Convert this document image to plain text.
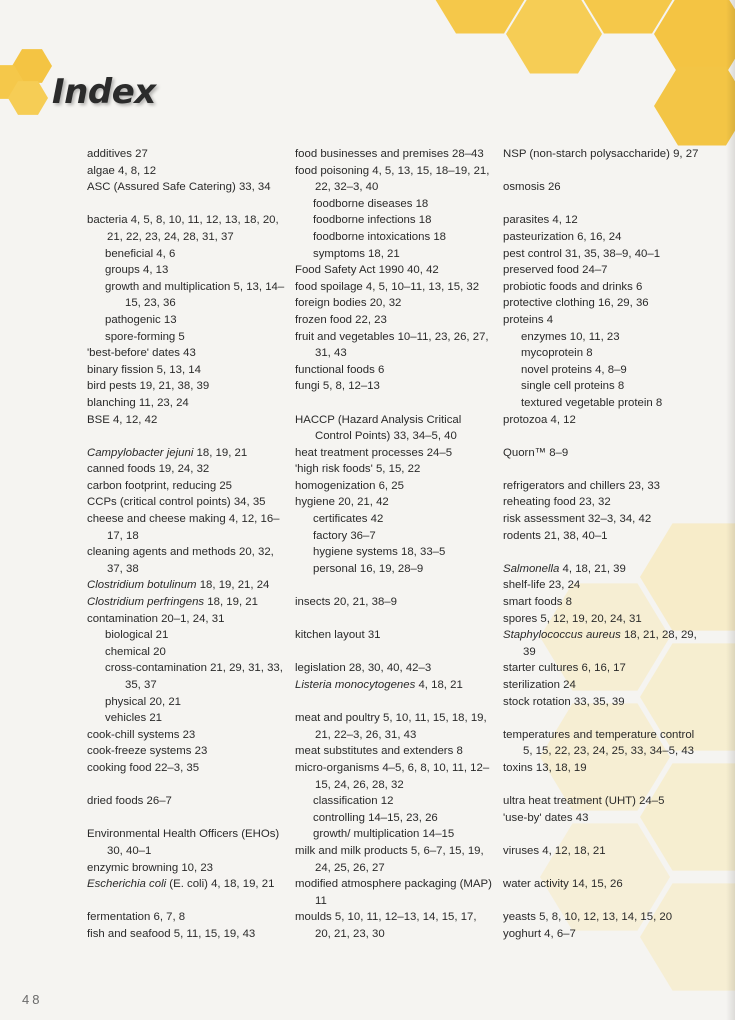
Index

additives 27

algae 4, 8, 12

ASC (Assured Safe Catering) 33, 34

bacteria 4, 5, 8, 10, 11, 12, 13, 18, 20, 21, 22, 23, 24, 28, 31, 37

beneficial 4, 6

groups 4, 13

growth and multiplication 5, 13, 14–15, 23, 36

pathogenic 13

spore-forming 5

'best-before' dates 43

binary fission 5, 13, 14

bird pests 19, 21, 38, 39

blanching 11, 23, 24

BSE 4, 12, 42

Campylobacter jejuni 18, 19, 21

canned foods 19, 24, 32

carbon footprint, reducing 25

CCPs (critical control points) 34, 35

cheese and cheese making 4, 12, 16–17, 18

cleaning agents and methods 20, 32, 37, 38

Clostridium botulinum 18, 19, 21, 24

Clostridium perfringens 18, 19, 21

contamination 20–1, 24, 31

biological 21

chemical 20

cross-contamination 21, 29, 31, 33, 35, 37

physical 20, 21

vehicles 21

cook-chill systems 23

cook-freeze systems 23

cooking food 22–3, 35

dried foods 26–7

Environmental Health Officers (EHOs) 30, 40–1

enzymic browning 10, 23

Escherichia coli (E. coli) 4, 18, 19, 21

fermentation 6, 7, 8

fish and seafood 5, 11, 15, 19, 43

food businesses and premises 28–43

food poisoning 4, 5, 13, 15, 18–19, 21, 22, 32–3, 40

foodborne diseases 18

foodborne infections 18

foodborne intoxications 18

symptoms 18, 21

Food Safety Act 1990 40, 42

food spoilage 4, 5, 10–11, 13, 15, 32

foreign bodies 20, 32

frozen food 22, 23

fruit and vegetables 10–11, 23, 26, 27, 31, 43

functional foods 6

fungi 5, 8, 12–13

HACCP (Hazard Analysis Critical Control Points) 33, 34–5, 40

heat treatment processes 24–5

'high risk foods' 5, 15, 22

homogenization 6, 25

hygiene 20, 21, 42

certificates 42

factory 36–7

hygiene systems 18, 33–5

personal 16, 19, 28–9

insects 20, 21, 38–9

kitchen layout 31

legislation 28, 30, 40, 42–3

Listeria monocytogenes 4, 18, 21

meat and poultry 5, 10, 11, 15, 18, 19, 21, 22–3, 26, 31, 43

meat substitutes and extenders 8

micro-organisms 4–5, 6, 8, 10, 11, 12–15, 24, 26, 28, 32

classification 12

controlling 14–15, 23, 26

growth/ multiplication 14–15

milk and milk products 5, 6–7, 15, 19, 24, 25, 26, 27

modified atmosphere packaging (MAP) 11

moulds 5, 10, 11, 12–13, 14, 15, 17, 20, 21, 23, 30

NSP (non-starch polysaccharide) 9, 27

osmosis 26

parasites 4, 12

pasteurization 6, 16, 24

pest control 31, 35, 38–9, 40–1

preserved food 24–7

probiotic foods and drinks 6

protective clothing 16, 29, 36

proteins 4

enzymes 10, 11, 23

mycoprotein 8

novel proteins 4, 8–9

single cell proteins 8

textured vegetable protein 8

protozoa 4, 12

Quorn™ 8–9

refrigerators and chillers 23, 33

reheating food 23, 32

risk assessment 32–3, 34, 42

rodents 21, 38, 40–1

Salmonella 4, 18, 21, 39

shelf-life 23, 24

smart foods 8

spores 5, 12, 19, 20, 24, 31

Staphylococcus aureus 18, 21, 28, 29, 39

starter cultures 6, 16, 17

sterilization 24

stock rotation 33, 35, 39

temperatures and temperature control 5, 15, 22, 23, 24, 25, 33, 34–5, 43

toxins 13, 18, 19

ultra heat treatment (UHT) 24–5

'use-by' dates 43

viruses 4, 12, 18, 21

water activity 14, 15, 26

yeasts 5, 8, 10, 12, 13, 14, 15, 20

yoghurt 4, 6–7

48
